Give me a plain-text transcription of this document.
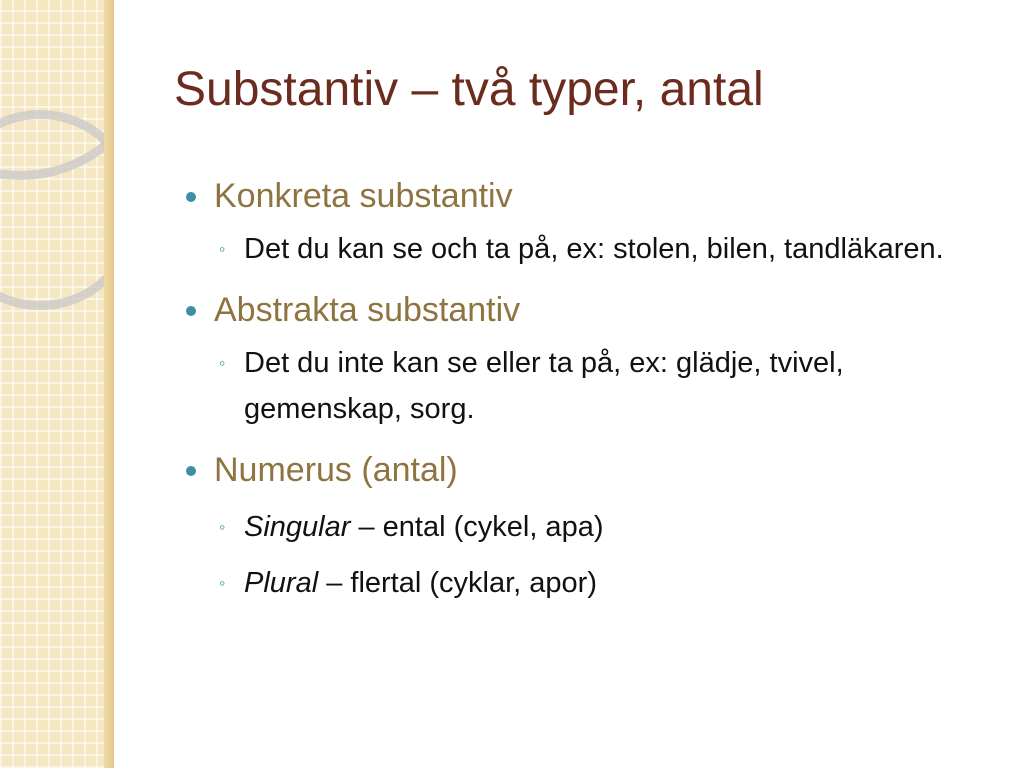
Substantiv – två typer, antal
Konkreta substantiv
◦ Det du kan se och ta på, ex: stolen, bilen, tandläkaren.
Abstrakta substantiv
◦ Det du inte kan se eller ta på, ex: glädje, tvivel, gemenskap, sorg.
Numerus (antal)
◦ Singular – ental (cykel, apa)
◦ Plural – flertal (cyklar, apor)
